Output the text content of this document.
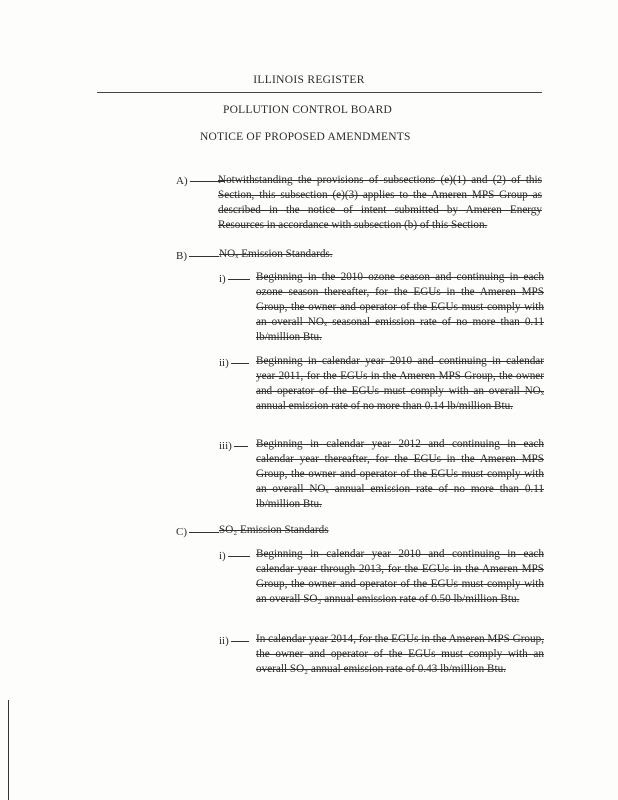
ILLINOIS REGISTER
POLLUTION CONTROL BOARD
NOTICE OF PROPOSED AMENDMENTS
A)	Notwithstanding the provisions of subsections (e)(1) and (2) of this Section, this subsection (e)(3) applies to the Ameren MPS Group as described in the notice of intent submitted by Ameren Energy Resources in accordance with subsection (b) of this Section.
B)	NOₓ Emission Standards.
i)	Beginning in the 2010 ozone season and continuing in each ozone season thereafter, for the EGUs in the Ameren MPS Group, the owner and operator of the EGUs must comply with an overall NOₓ seasonal emission rate of no more than 0.11 lb/million Btu.
ii)	Beginning in calendar year 2010 and continuing in calendar year 2011, for the EGUs in the Ameren MPS Group, the owner and operator of the EGUs must comply with an overall NOₓ annual emission rate of no more than 0.14 lb/million Btu.
iii)	Beginning in calendar year 2012 and continuing in each calendar year thereafter, for the EGUs in the Ameren MPS Group, the owner and operator of the EGUs must comply with an overall NOₓ annual emission rate of no more than 0.11 lb/million Btu.
C)	SO₂ Emission Standards
i)	Beginning in calendar year 2010 and continuing in each calendar year through 2013, for the EGUs in the Ameren MPS Group, the owner and operator of the EGUs must comply with an overall SO₂ annual emission rate of 0.50 lb/million Btu.
ii)	In calendar year 2014, for the EGUs in the Ameren MPS Group, the owner and operator of the EGUs must comply with an overall SO₂ annual emission rate of 0.43 lb/million Btu.
